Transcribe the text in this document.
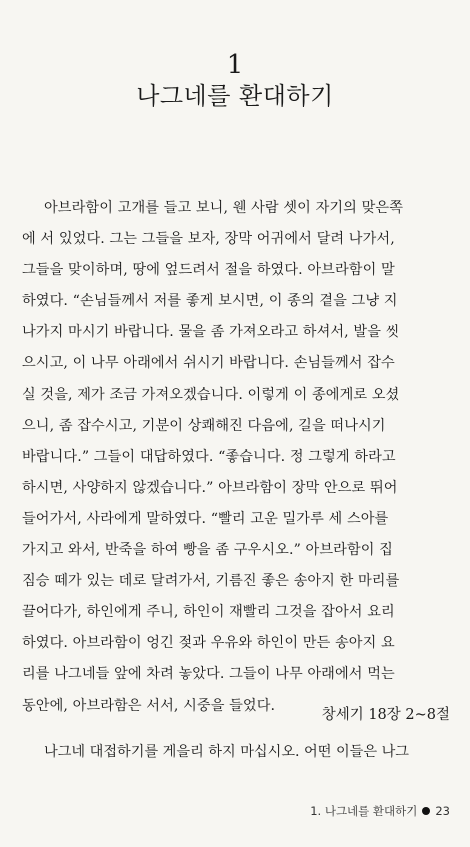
1
나그네를 환대하기
아브라함이 고개를 들고 보니, 웬 사람 셋이 자기의 맞은쪽
에 서 있었다. 그는 그들을 보자, 장막 어귀에서 달려 나가서,
그들을 맞이하며, 땅에 엎드려서 절을 하였다. 아브라함이 말
하였다. “손님들께서 저를 좋게 보시면, 이 종의 곁을 그냥 지
나가지 마시기 바랍니다. 물을 좀 가져오라고 하셔서, 발을 씻
으시고, 이 나무 아래에서 쉬시기 바랍니다. 손님들께서 잡수
실 것을, 제가 조금 가져오겠습니다. 이렇게 이 종에게로 오셨
으니, 좀 잡수시고, 기분이 상쾌해진 다음에, 길을 떠나시기
바랍니다.” 그들이 대답하였다. “좋습니다. 정 그렇게 하라고
하시면, 사양하지 않겠습니다.” 아브라함이 장막 안으로 뛰어
들어가서, 사라에게 말하였다. “빨리 고운 밀가루 세 스아를
가지고 와서, 반죽을 하여 빵을 좀 구우시오.” 아브라함이 집
짐승 떼가 있는 데로 달려가서, 기름진 좋은 송아지 한 마리를
끌어다가, 하인에게 주니, 하인이 재빨리 그것을 잡아서 요리
하였다. 아브라함이 엉긴 젖과 우유와 하인이 만든 송아지 요
리를 나그네들 앞에 차려 놓았다. 그들이 나무 아래에서 먹는
동안에, 아브라함은 서서, 시중을 들었다.
창세기 18장 2~8절
나그네 대접하기를 게을리 하지 마십시오. 어떤 이들은 나그
1. 나그네를 환대하기 23
